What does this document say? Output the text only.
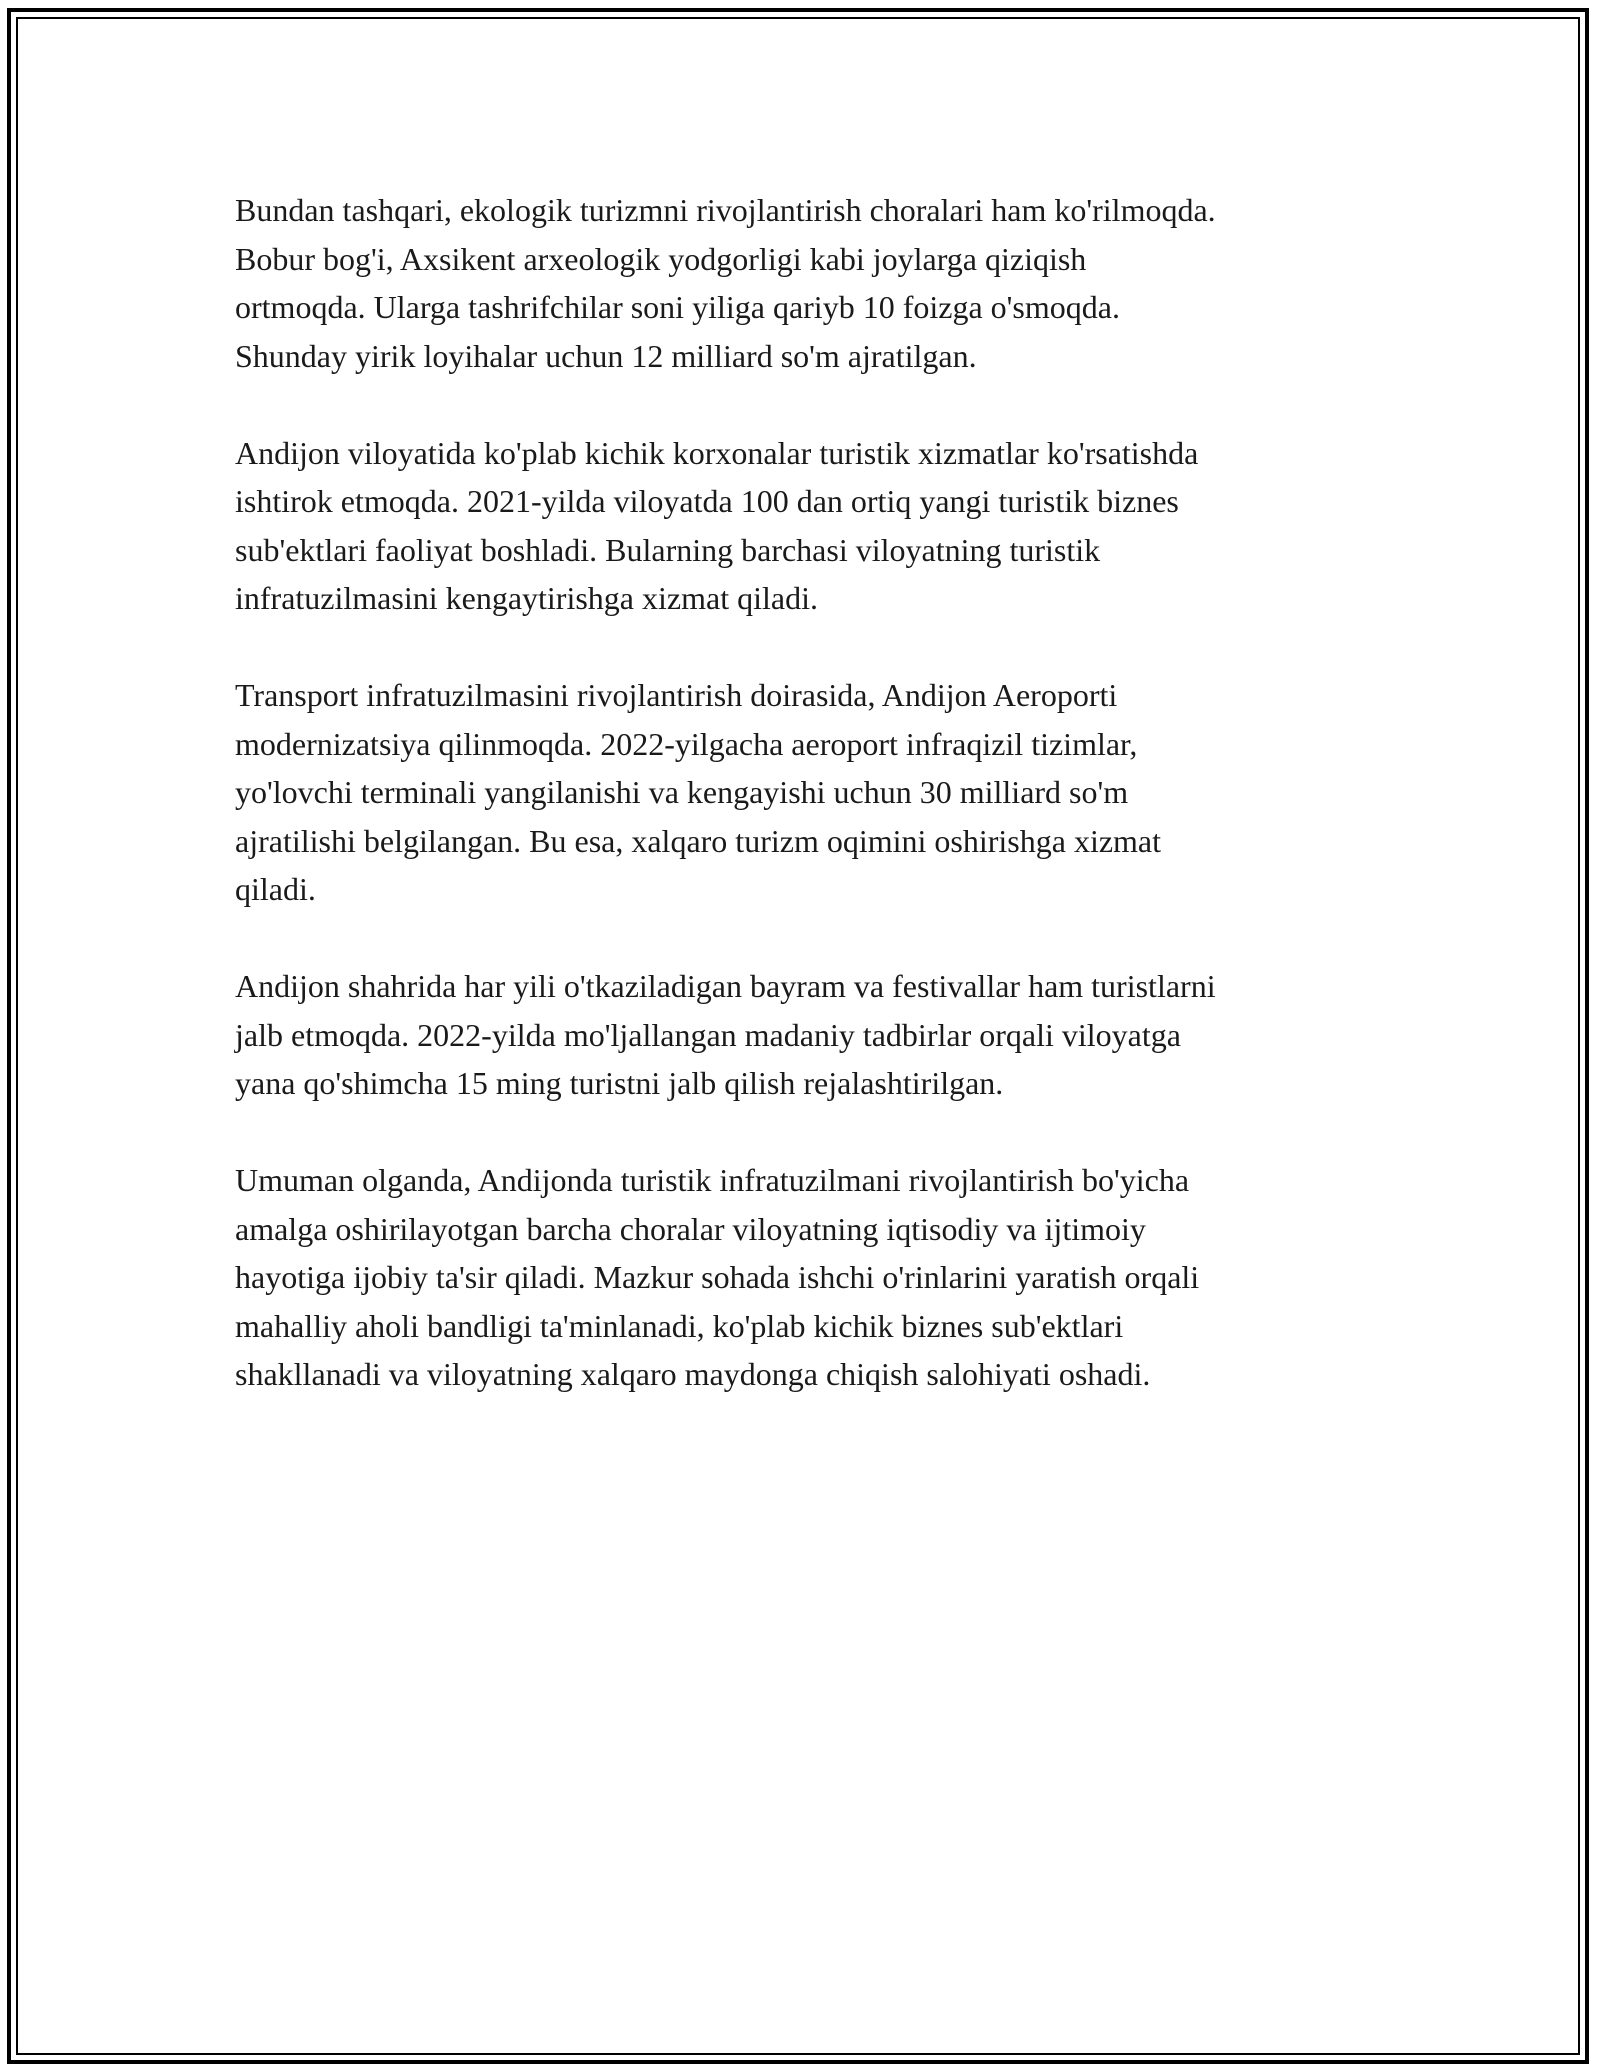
Bundan tashqari, ekologik turizmni rivojlantirish choralari ham ko'rilmoqda.
Bobur bog'i, Axsikent arxeologik yodgorligi kabi joylarga qiziqish
ortmoqda. Ularga tashrifchilar soni yiliga qariyb 10 foizga o'smoqda.
Shunday yirik loyihalar uchun 12 milliard so'm ajratilgan.

Andijon viloyatida ko'plab kichik korxonalar turistik xizmatlar ko'rsatishda
ishtirok etmoqda. 2021-yilda viloyatda 100 dan ortiq yangi turistik biznes
sub'ektlari faoliyat boshladi. Bularning barchasi viloyatning turistik
infratuzilmasini kengaytirishga xizmat qiladi.

Transport infratuzilmasini rivojlantirish doirasida, Andijon Aeroporti
modernizatsiya qilinmoqda. 2022-yilgacha aeroport infraqizil tizimlar,
yo'lovchi terminali yangilanishi va kengayishi uchun 30 milliard so'm
ajratilishi belgilangan. Bu esa, xalqaro turizm oqimini oshirishga xizmat
qiladi.

Andijon shahrida har yili o'tkaziladigan bayram va festivallar ham turistlarni
jalb etmoqda. 2022-yilda mo'ljallangan madaniy tadbirlar orqali viloyatga
yana qo'shimcha 15 ming turistni jalb qilish rejalashtirilgan.

Umuman olganda, Andijonda turistik infratuzilmani rivojlantirish bo'yicha
amalga oshirilayotgan barcha choralar viloyatning iqtisodiy va ijtimoiy
hayotiga ijobiy ta'sir qiladi. Mazkur sohada ishchi o'rinlarini yaratish orqali
mahalliy aholi bandligi ta'minlanadi, ko'plab kichik biznes sub'ektlari
shakllanadi va viloyatning xalqaro maydonga chiqish salohiyati oshadi.
